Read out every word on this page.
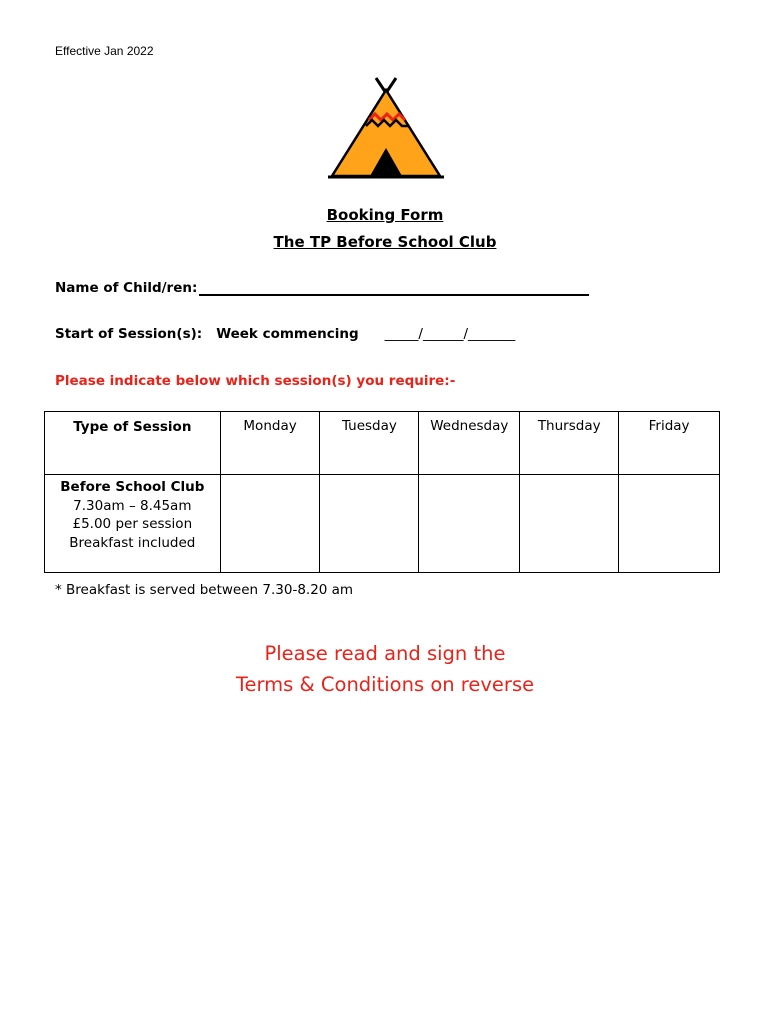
Effective Jan 2022
Booking Form
The TP Before School Club
Name of Child/ren:
Start of Session(s): Week commencing _____/______/_______
Please indicate below which session(s) you require:-
Type of Session	Monday	Tuesday	Wednesday	Thursday	Friday

Before School Club
7.30am – 8.45am
£5.00 per session
Breakfast included					

* Breakfast is served between 7.30-8.20 am
Please read and sign the
Terms & Conditions on reverse
